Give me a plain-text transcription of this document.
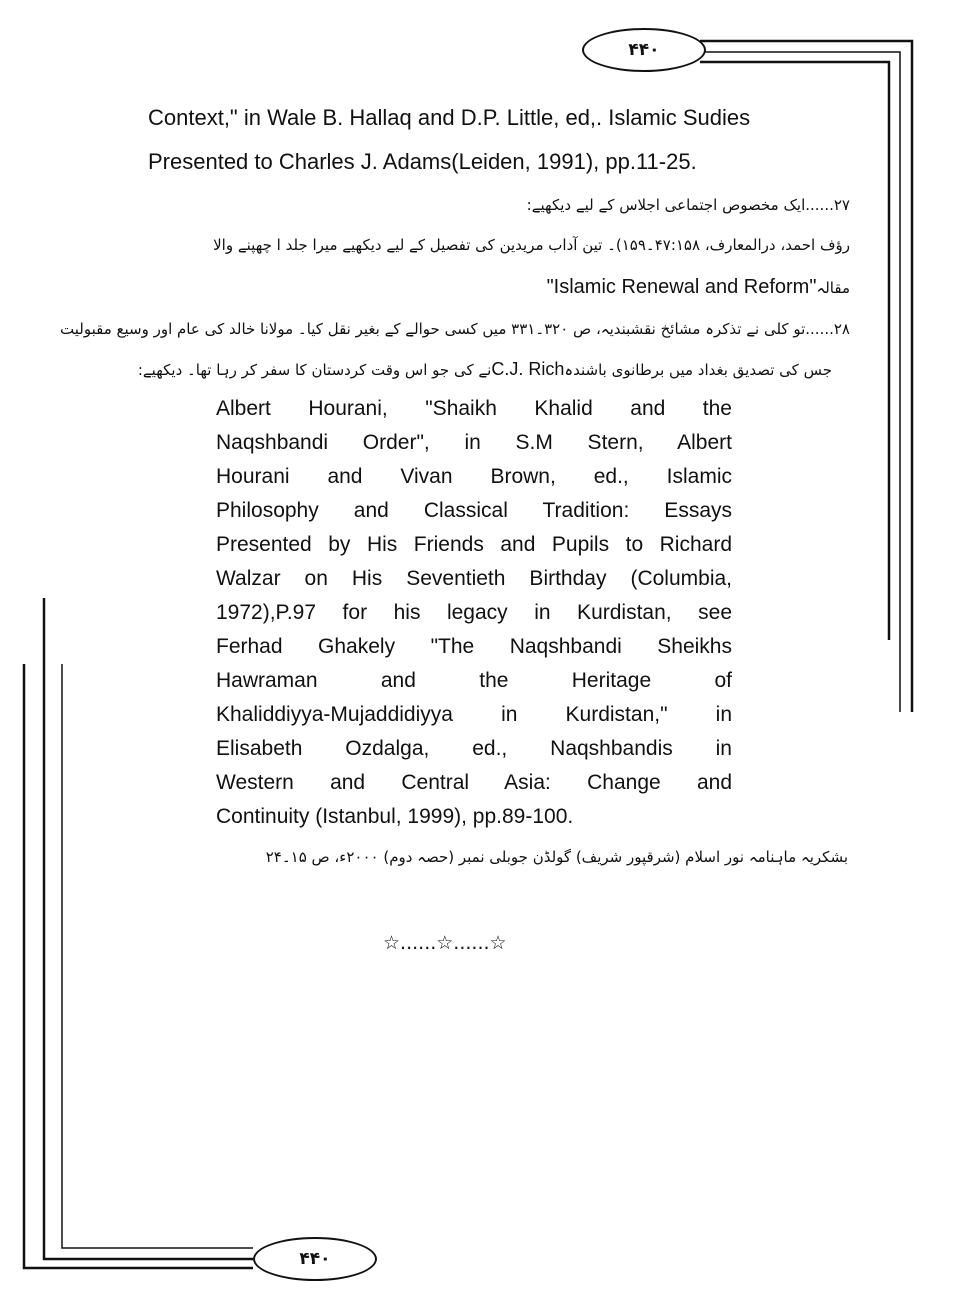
۴۴۰
۴۴۰
Context," in Wale B. Hallaq and D.P. Little, ed,. Islamic Sudies
Presented to Charles J. Adams(Leiden, 1991), pp.11-25.
۲۷......ایک مخصوص اجتماعی اجلاس کے لیے دیکھیے:
رؤف احمد، درالمعارف، ۴۷:۱۵۸۔۱۵۹)۔ تین آداب مریدین کی تفصیل کے لیے دیکھیے میرا جلد ا چھپنے والا
مقالہ"Islamic Renewal and Reform"
۲۸......تو کلی نے تذکرہ مشائخ نقشبندیہ، ص ۳۲۰۔۳۳۱ میں کسی حوالے کے بغیر نقل کیا۔ مولانا خالد کی عام اور وسیع مقبولیت
جس کی تصدیق بغداد میں برطانوی باشندہC.J. Richنے کی جو اس وقت کردستان کا سفر کر رہا تھا۔ دیکھیے:
Albert Hourani, "Shaikh Khalid and the
Naqshbandi Order", in S.M Stern, Albert
Hourani and Vivan Brown, ed., Islamic
Philosophy and Classical Tradition: Essays
Presented by His Friends and Pupils to Richard
Walzar on His Seventieth Birthday (Columbia,
1972),P.97 for his legacy in Kurdistan, see
Ferhad Ghakely "The Naqshbandi Sheikhs
Hawraman and the Heritage of
Khaliddiyya-Mujaddidiyya in Kurdistan," in
Elisabeth Ozdalga, ed., Naqshbandis in
Western and Central Asia: Change and
Continuity (Istanbul, 1999), pp.89-100.
بشکریہ ماہنامہ نور اسلام (شرقپور شریف) گولڈن جوبلی نمبر (حصہ دوم) ۲۰۰۰ء، ص ۱۵۔۲۴
☆......☆......☆
